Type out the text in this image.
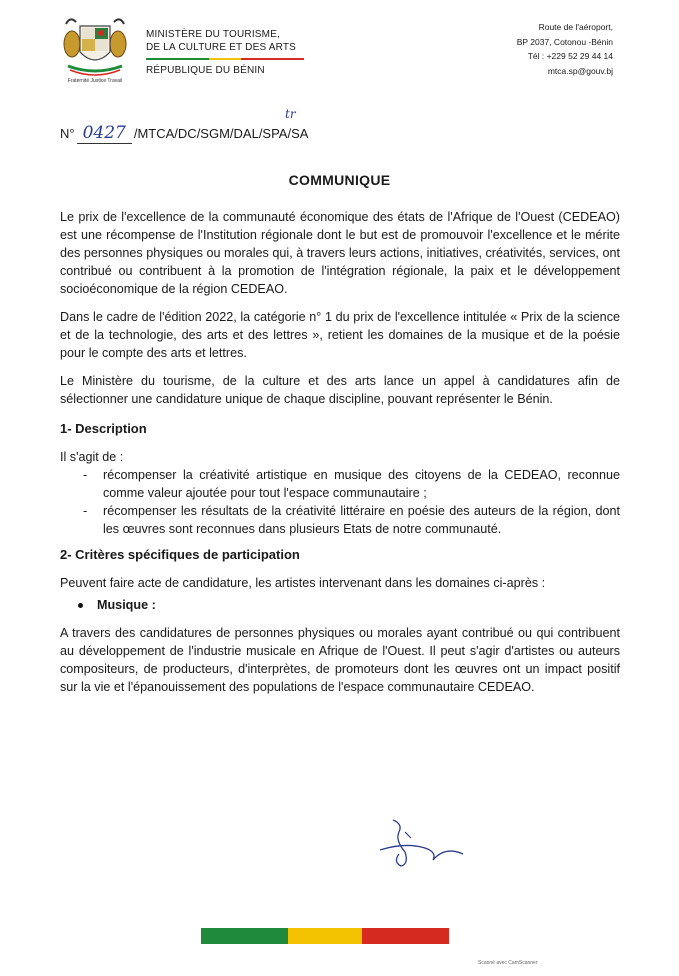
Fraternité Justice Travail
MINISTÈRE DU TOURISME,
DE LA CULTURE ET DES ARTS
RÉPUBLIQUE DU BÉNIN
Route de l'aéroport,
BP 2037, Cotonou -Bénin
Tél : +229 52 29 44 14
mtca.sp@gouv.bj
N° 0427 /MTCA/DC/SGM/DAL/SPA/SA
tr
COMMUNIQUE

Le prix de l'excellence de la communauté économique des états de l'Afrique de l'Ouest (CEDEAO) est une récompense de l'Institution régionale dont le but est de promouvoir l'excellence et le mérite des personnes physiques ou morales qui, à travers leurs actions, initiatives, créativités, services, ont contribué ou contribuent à la promotion de l'intégration régionale, la paix et le développement socioéconomique de la région CEDEAO.

Dans le cadre de l'édition 2022, la catégorie n° 1 du prix de l'excellence intitulée « Prix de la science et de la technologie, des arts et des lettres », retient les domaines de la musique et de la poésie pour le compte des arts et lettres.

Le Ministère du tourisme, de la culture et des arts lance un appel à candidatures afin de sélectionner une candidature unique de chaque discipline, pouvant représenter le Bénin.

1- Description

Il s'agit de :

- récompenser la créativité artistique en musique des citoyens de la CEDEAO, reconnue comme valeur ajoutée pour tout l'espace communautaire ;
- récompenser les résultats de la créativité littéraire en poésie des auteurs de la région, dont les œuvres sont reconnues dans plusieurs Etats de notre communauté.
2- Critères spécifiques de participation

Peuvent faire acte de candidature, les artistes intervenant dans les domaines ci-après :

Musique :

A travers des candidatures de personnes physiques ou morales ayant contribué ou qui contribuent au développement de l'industrie musicale en Afrique de l'Ouest. Il peut s'agir d'artistes ou auteurs compositeurs, de producteurs, d'interprètes, de promoteurs dont les œuvres ont un impact positif sur la vie et l'épanouissement des populations de l'espace communautaire CEDEAO.

Scanné avec CamScanner
